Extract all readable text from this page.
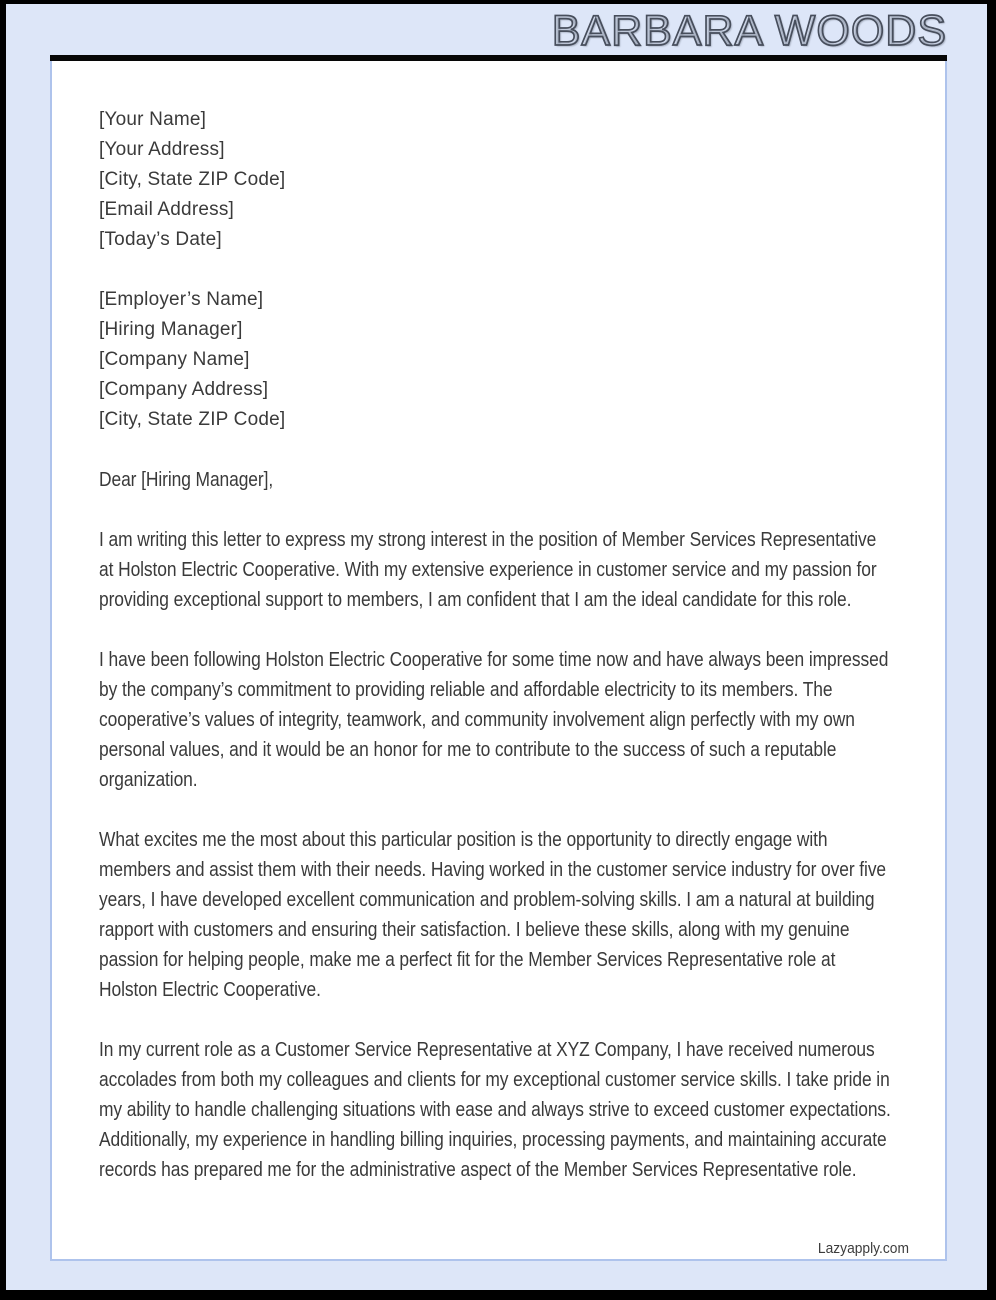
BARBARA WOODS

[Your Name]

[Your Address]

[City, State ZIP Code]

[Email Address]

[Today’s Date]

[Employer’s Name]

[Hiring Manager]

[Company Name]

[Company Address]

[City, State ZIP Code]

Dear [Hiring Manager],

I am writing this letter to express my strong interest in the position of Member Services Representative at Holston Electric Cooperative. With my extensive experience in customer service and my passion for providing exceptional support to members, I am confident that I am the ideal candidate for this role.

I have been following Holston Electric Cooperative for some time now and have always been impressed by the company’s commitment to providing reliable and affordable electricity to its members. The cooperative’s values of integrity, teamwork, and community involvement align perfectly with my own personal values, and it would be an honor for me to contribute to the success of such a reputable organization.

What excites me the most about this particular position is the opportunity to directly engage with members and assist them with their needs. Having worked in the customer service industry for over five years, I have developed excellent communication and problem-solving skills. I am a natural at building rapport with customers and ensuring their satisfaction. I believe these skills, along with my genuine passion for helping people, make me a perfect fit for the Member Services Representative role at Holston Electric Cooperative.

In my current role as a Customer Service Representative at XYZ Company, I have received numerous accolades from both my colleagues and clients for my exceptional customer service skills. I take pride in my ability to handle challenging situations with ease and always strive to exceed customer expectations. Additionally, my experience in handling billing inquiries, processing payments, and maintaining accurate records has prepared me for the administrative aspect of the Member Services Representative role.

Lazyapply.com
